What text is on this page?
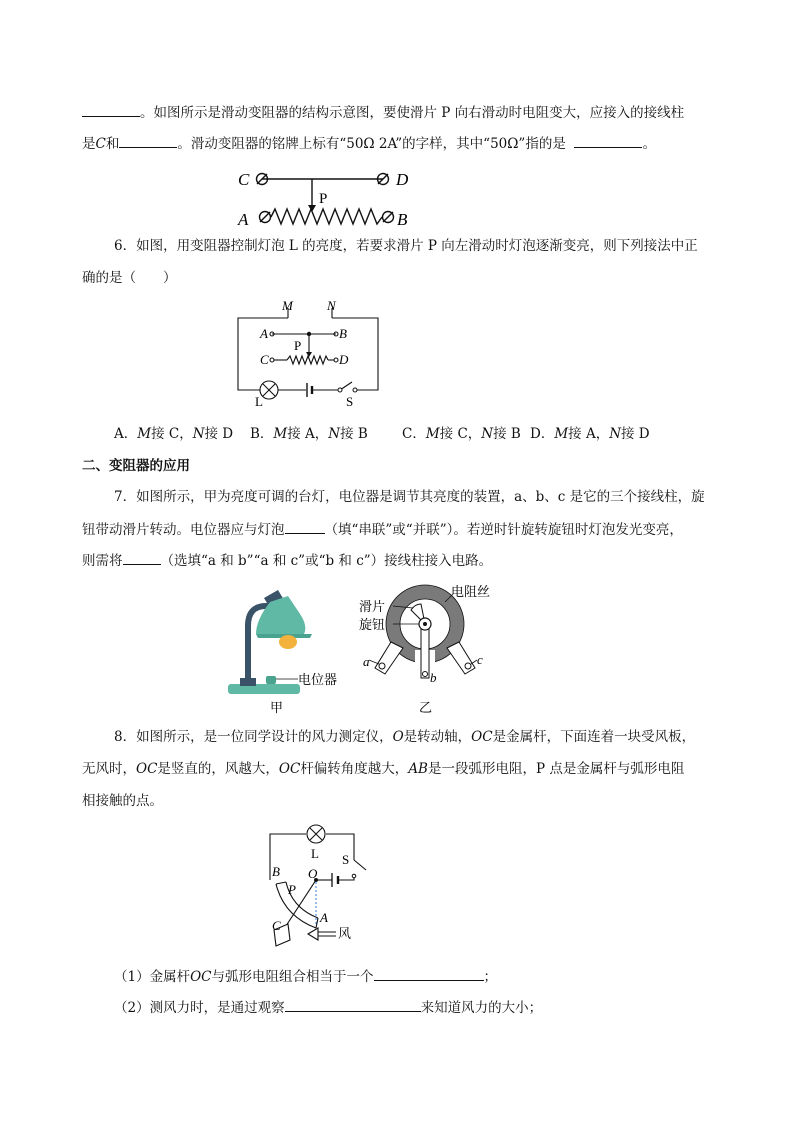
。如图所示是滑动变阻器的结构示意图，要使滑片 P 向右滑动时电阻变大，应接入的接线柱
是C和	。滑动变阻器的铭牌上标有“50Ω 2A”的字样，其中“50Ω”指的是	。
C	D
A	B
P
6．如图，用变阻器控制灯泡 L 的亮度，若要求滑片 P 向左滑动时灯泡逐渐变亮，则下列接法中正
确的是（　　）
M	N
A	B
C	D
P
L	S
A．M接 C，N接 D B．M接 A，N接 B	C．M接 C，N接 B D．M接 A，N接 D
二、变阻器的应用
7．如图所示，甲为亮度可调的台灯，电位器是调节其亮度的装置，a、b、c 是它的三个接线柱，旋
钮带动滑片转动。电位器应与灯泡	（填“串联”或“并联”）。若逆时针旋转旋钮时灯泡发光变亮，
则需将	（选填“a 和 b”“a 和 c”或“b 和 c”）接线柱接入电路。
电位器
甲
电阻丝
滑片
旋钮
a
b
c
乙
8．如图所示，是一位同学设计的风力测定仪，O是转动轴，OC是金属杆，下面连着一块受风板，
无风时，OC是竖直的，风越大，OC杆偏转角度越大，AB是一段弧形电阻，P 点是金属杆与弧形电阻
相接触的点。
L S
B O
P
C
A
风
（1）金属杆OC与弧形电阻组合相当于一个	；
（2）测风力时，是通过观察	来知道风力的大小；
